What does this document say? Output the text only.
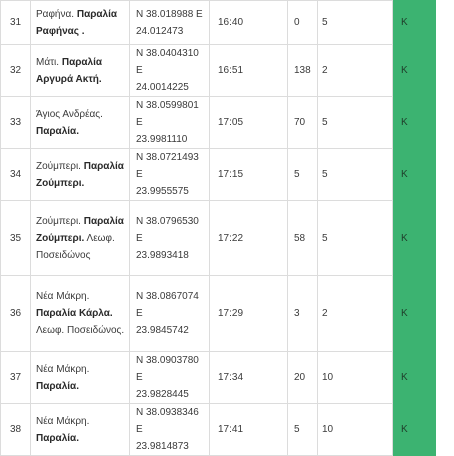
31	Ραφήνα. Παραλία Ραφήνας .	N 38.018988 E
24.012473	16:40	0	5	K
32	Μάτι. Παραλία Αργυρά Ακτή.	N 38.0404310 E
24.0014225	16:51	138	2	K
33	Άγιος Ανδρέας. Παραλία.	N 38.0599801 E
23.9981110	17:05	70	5	K
34	Ζούμπερι. Παραλία Ζούμπερι.	N 38.0721493 E
23.9955575	17:15	5	5	K
35	Ζούμπερι. Παραλία Ζούμπερι. Λεωφ. Ποσειδώνος	N 38.0796530 E
23.9893418	17:22	58	5	K
36	Νέα Μάκρη. Παραλία Κάρλα. Λεωφ. Ποσειδώνος.	N 38.0867074 E
23.9845742	17:29	3	2	K
37	Νέα Μάκρη. Παραλία.	N 38.0903780 E
23.9828445	17:34	20	10	K
38	Νέα Μάκρη. Παραλία.	N 38.0938346 E
23.9814873	17:41	5	10	K
